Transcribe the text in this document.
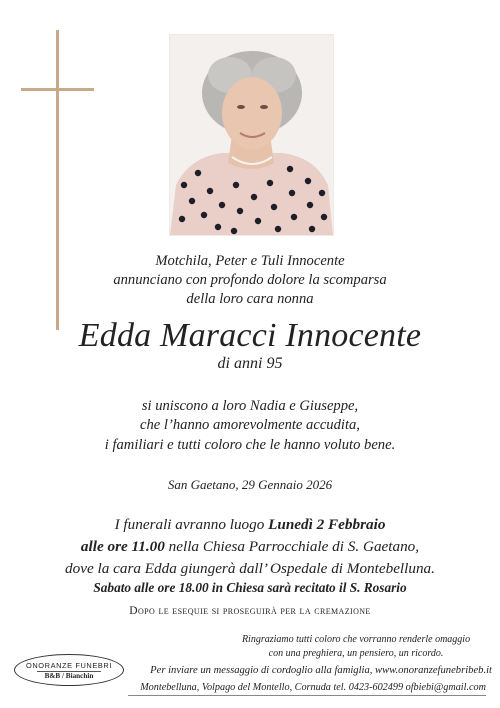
Motchila, Peter e Tuli Innocente
annunciano con profondo dolore la scomparsa
della loro cara nonna
Edda Maracci Innocente
di anni 95
si uniscono a loro Nadia e Giuseppe,
che l’hanno amorevolmente accudita,
i familiari e tutti coloro che le hanno voluto bene.
San Gaetano, 29 Gennaio 2026
I funerali avranno luogo Lunedì 2 Febbraio
alle ore 11.00 nella Chiesa Parrocchiale di S. Gaetano,
dove la cara Edda giungerà dall’ Ospedale di Montebelluna.
Sabato alle ore 18.00 in Chiesa sarà recitato il S. Rosario
Dopo le esequie si proseguirà per la cremazione
Ringraziamo tutti coloro che vorranno renderle omaggio
con una preghiera, un pensiero, un ricordo.
ONORANZE FUNEBRI
B&B / Bianchin	Per inviare un messaggio di cordoglio alla famiglia, www.onoranzefunebribeb.it
Montebelluna, Volpago del Montello, Cornuda tel. 0423-602499 ofbiebi@gmail.com
